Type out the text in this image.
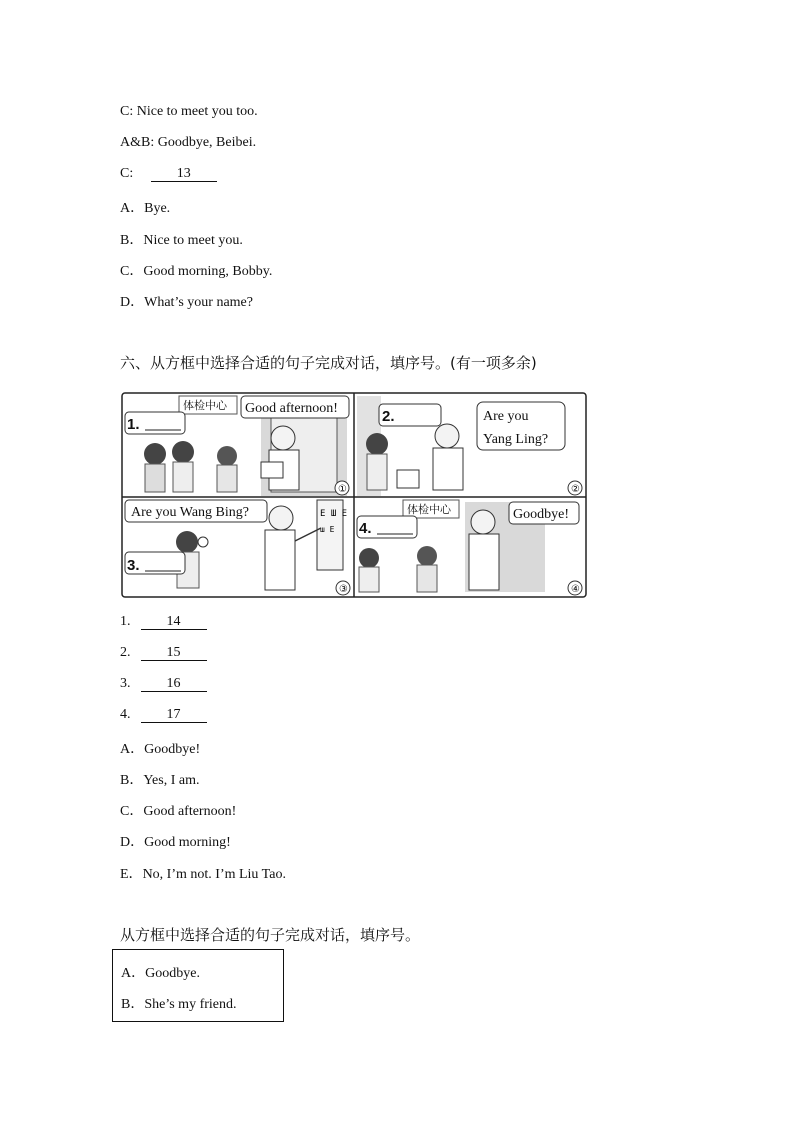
C: Nice to meet you too.
A&B: Goodbye, Beibei.
C:	13
A．Bye.
B．Nice to meet you.
C．Good morning, Bobby.
D．What’s your name?
六、从方框中选择合适的句子完成对话，填序号。(有一项多余)
体检中心 Good afternoon!
1.
①
2.	Are you
Yang Ling?
②
Are you Wang Bing?	E Ш E
ш E
3.
③
体检中心	Goodbye!
4.
④
1.	14
2.	15
3.	16
4.	17
A．Goodbye!
B．Yes, I am.
C．Good afternoon!
D．Good morning!
E．No, I’m not. I’m Liu Tao.
从方框中选择合适的句子完成对话，填序号。
A．Goodbye.
B．She’s my friend.
